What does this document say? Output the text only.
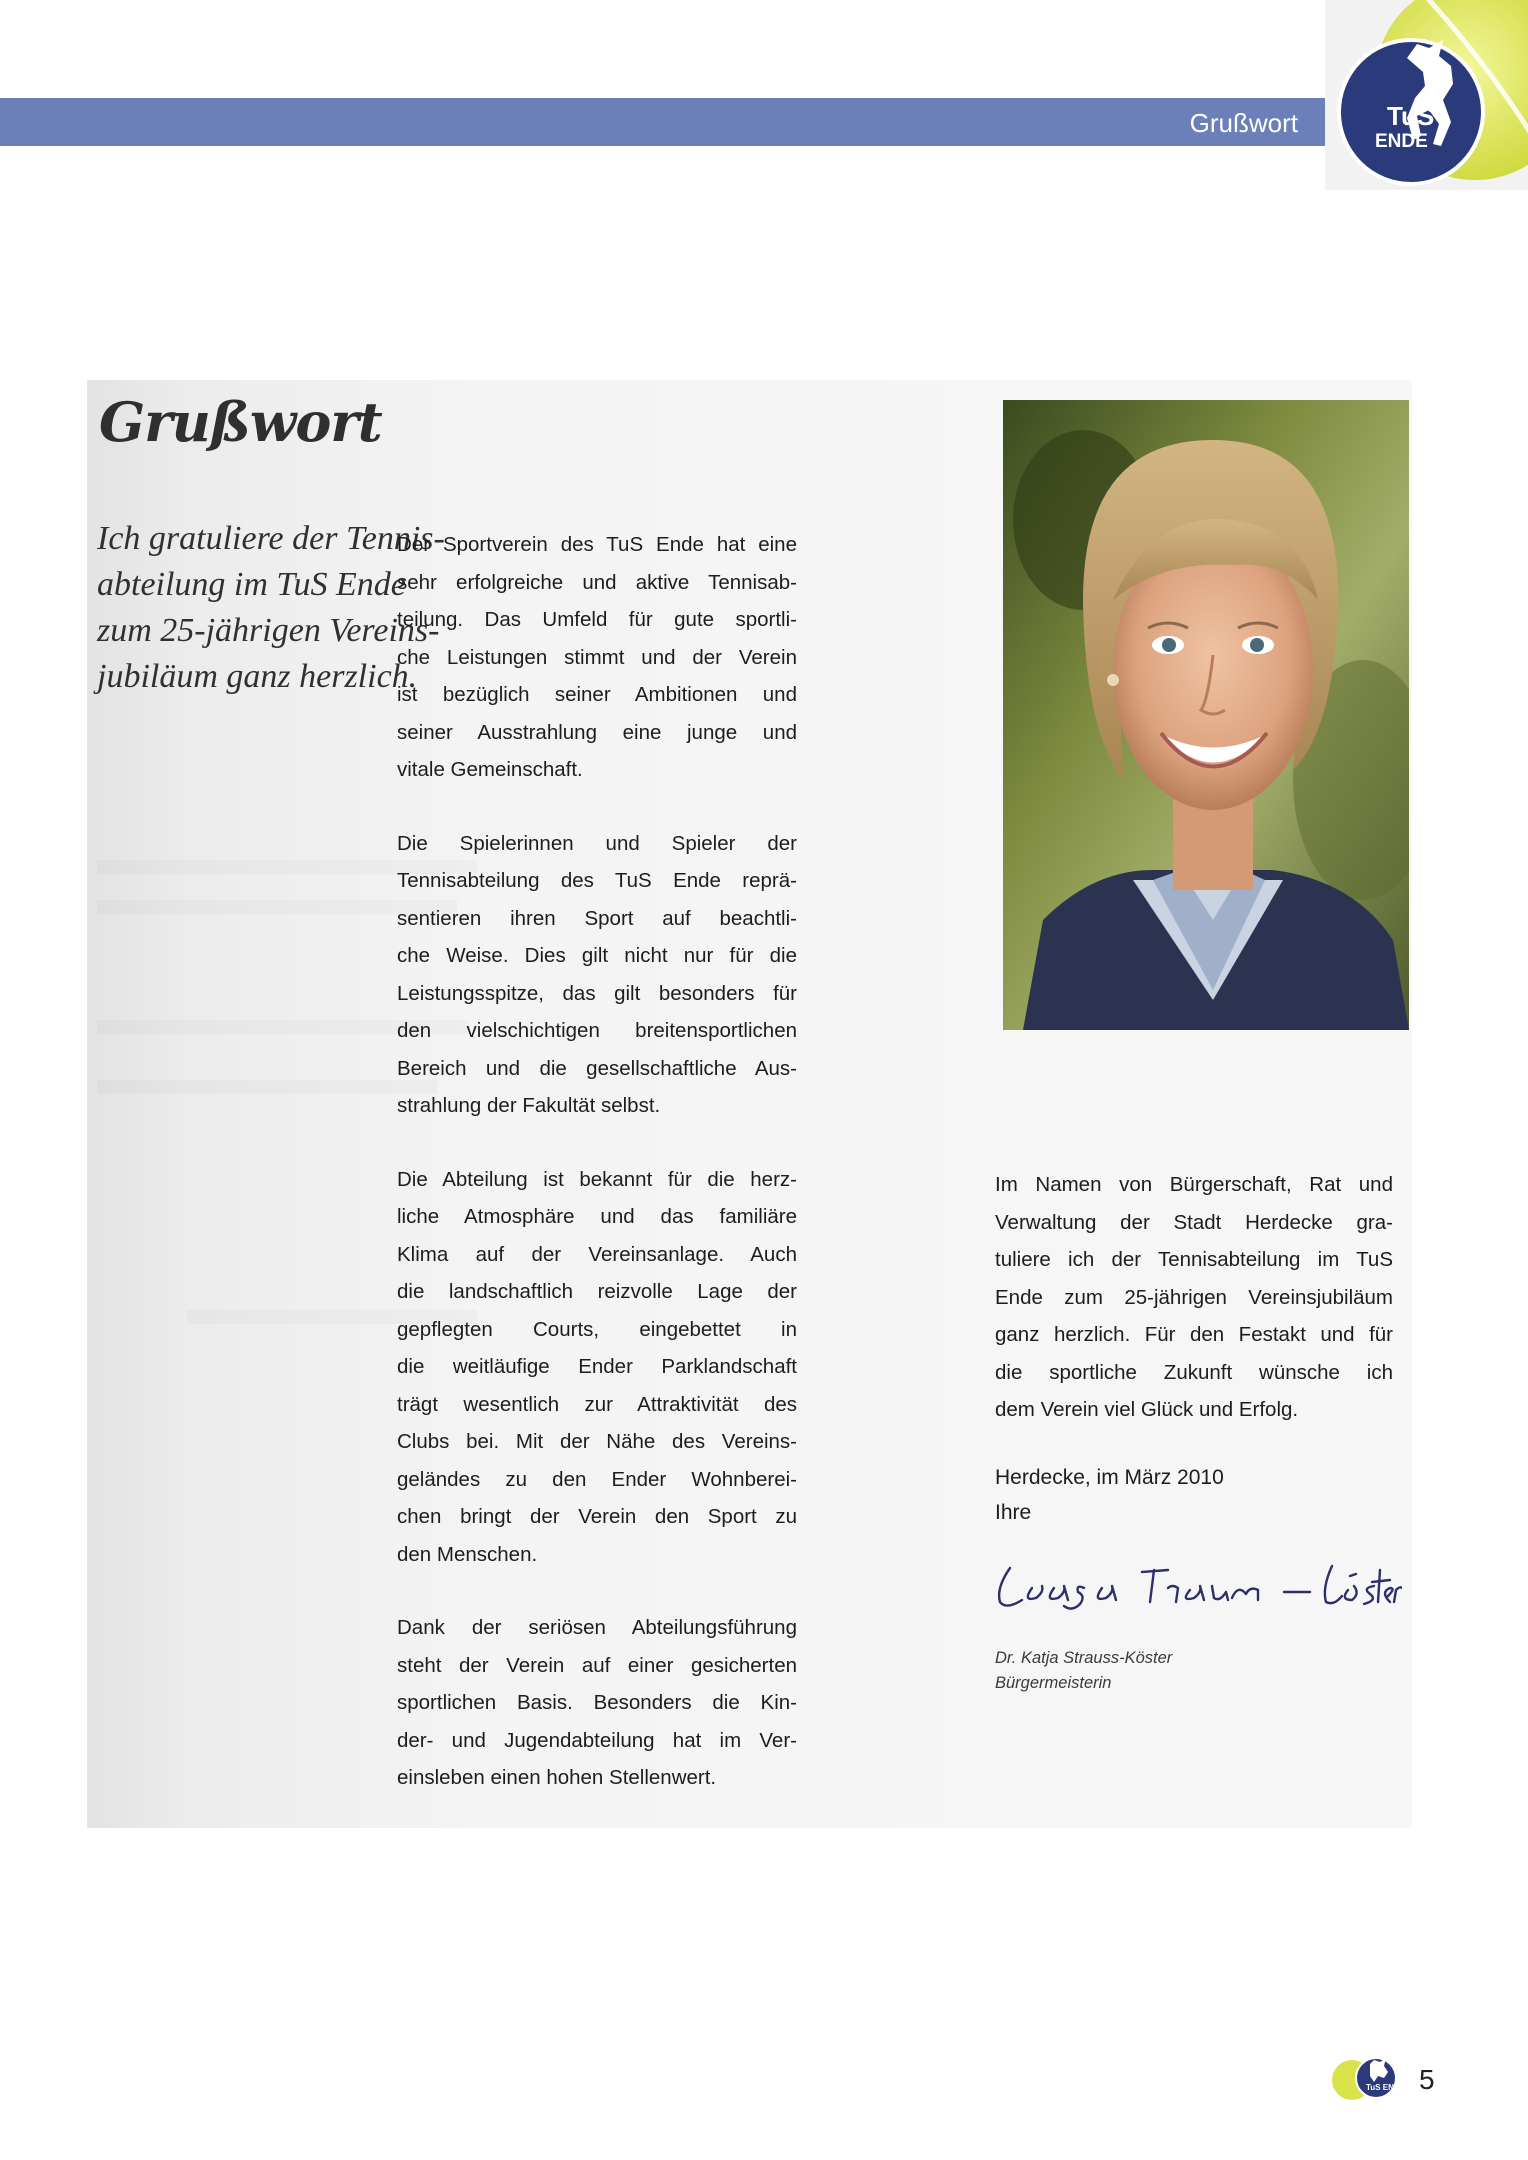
Grußwort	TuS
ENDE
Grußwort
Ich gratuliere der Tennis-
abteilung im TuS Ende
zum 25-jährigen Vereins-
jubiläum ganz herzlich.

Der Sportverein des TuS Ende hat eine
sehr erfolgreiche und aktive Tennisab-
teilung. Das Umfeld für gute sportli-
che Leistungen stimmt und der Verein
ist bezüglich seiner Ambitionen und
seiner Ausstrahlung eine junge und
vitale Gemeinschaft.

Die Spielerinnen und Spieler der
Tennisabteilung des TuS Ende reprä-
sentieren ihren Sport auf beachtli-
che Weise. Dies gilt nicht nur für die
Leistungsspitze, das gilt besonders für
den vielschichtigen breitensportlichen
Bereich und die gesellschaftliche Aus-
strahlung der Fakultät selbst.

Die Abteilung ist bekannt für die herz-
liche Atmosphäre und das familiäre
Klima auf der Vereinsanlage. Auch
die landschaftlich reizvolle Lage der
gepflegten Courts, eingebettet in
die weitläufige Ender Parklandschaft
trägt wesentlich zur Attraktivität des
Clubs bei. Mit der Nähe des Vereins-
geländes zu den Ender Wohnberei-
chen bringt der Verein den Sport zu
den Menschen.

Dank der seriösen Abteilungsführung
steht der Verein auf einer gesicherten
sportlichen Basis. Besonders die Kin-
der- und Jugendabteilung hat im Ver-
einsleben einen hohen Stellenwert.

Im Namen von Bürgerschaft, Rat und
Verwaltung der Stadt Herdecke gra-
tuliere ich der Tennisabteilung im TuS
Ende zum 25-jährigen Vereinsjubiläum
ganz herzlich. Für den Festakt und für
die sportliche Zukunft wünsche ich
dem Verein viel Glück und Erfolg.

Herdecke, im März 2010
Ihre
Dr. Katja Strauss-Köster
Bürgermeisterin
TuS ENDE 5
